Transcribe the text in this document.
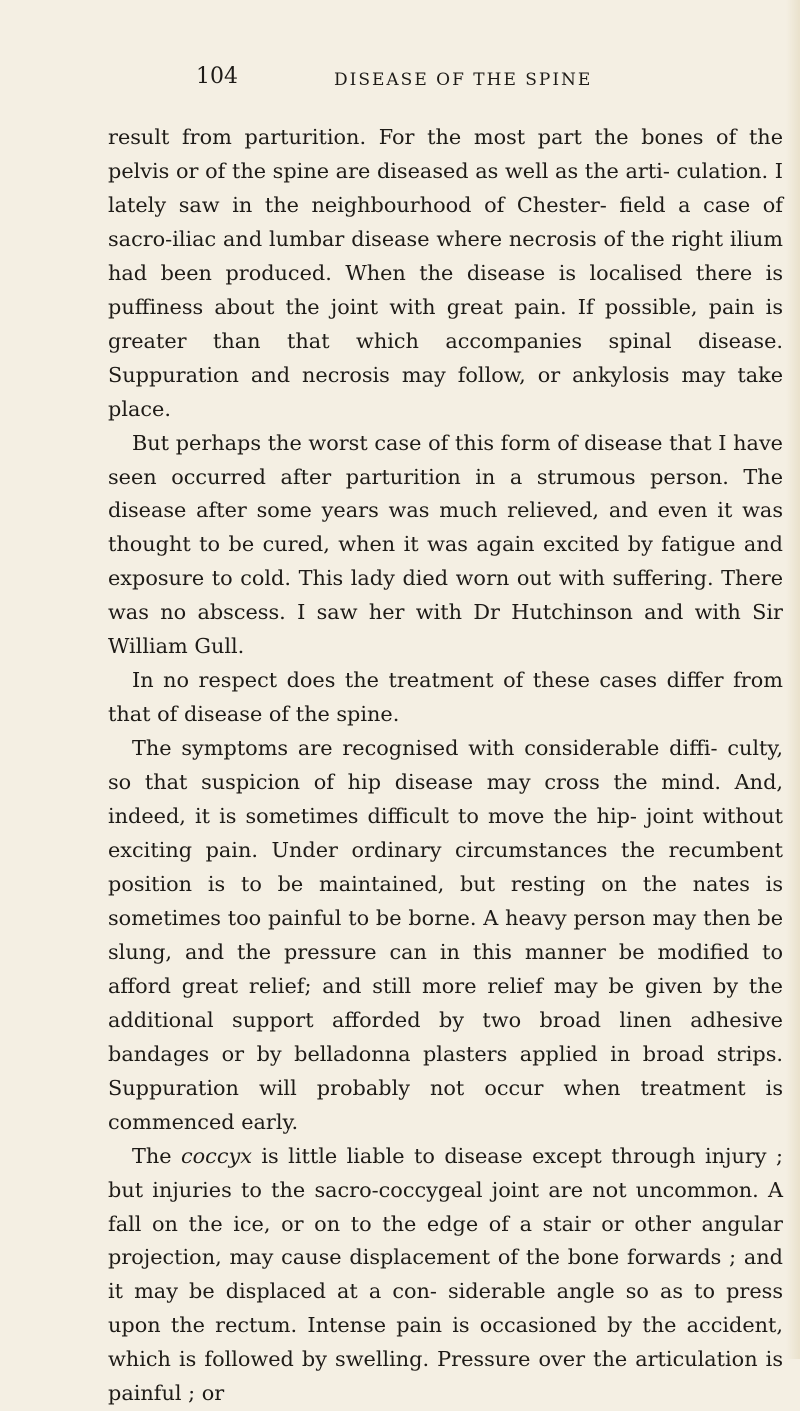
104	DISEASE OF THE SPINE

result from parturition. For the most part the bones of the pelvis or of the spine are diseased as well as the arti- culation. I lately saw in the neighbourhood of Chester- field a case of sacro-iliac and lumbar disease where necrosis of the right ilium had been produced. When the disease is localised there is puffiness about the joint with great pain. If possible, pain is greater than that which accompanies spinal disease. Suppuration and necrosis may follow, or ankylosis may take place.

But perhaps the worst case of this form of disease that I have seen occurred after parturition in a strumous person. The disease after some years was much relieved, and even it was thought to be cured, when it was again excited by fatigue and exposure to cold. This lady died worn out with suffering. There was no abscess. I saw her with Dr Hutchinson and with Sir William Gull.

In no respect does the treatment of these cases differ from that of disease of the spine.

The symptoms are recognised with considerable diffi- culty, so that suspicion of hip disease may cross the mind. And, indeed, it is sometimes difficult to move the hip- joint without exciting pain. Under ordinary circumstances the recumbent position is to be maintained, but resting on the nates is sometimes too painful to be borne. A heavy person may then be slung, and the pressure can in this manner be modified to afford great relief; and still more relief may be given by the additional support afforded by two broad linen adhesive bandages or by belladonna plasters applied in broad strips. Suppuration will probably not occur when treatment is commenced early.

The coccyx is little liable to disease except through injury ; but injuries to the sacro-coccygeal joint are not uncommon. A fall on the ice, or on to the edge of a stair or other angular projection, may cause displacement of the bone forwards ; and it may be displaced at a con- siderable angle so as to press upon the rectum. Intense pain is occasioned by the accident, which is followed by swelling. Pressure over the articulation is painful ; or
